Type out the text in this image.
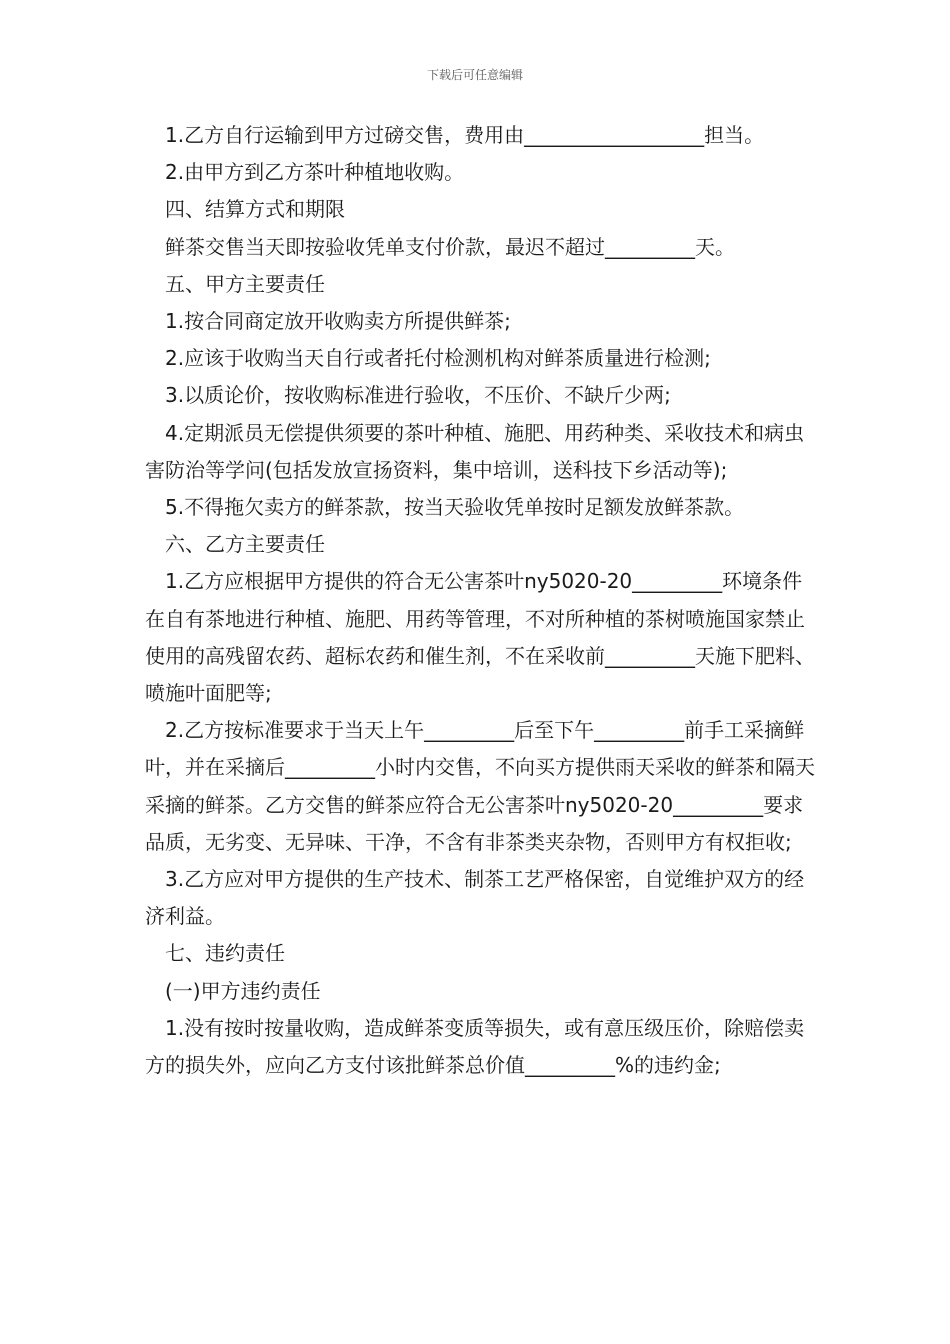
下载后可任意编辑

1.乙方自行运输到甲方过磅交售，费用由__________________担当。

2.由甲方到乙方茶叶种植地收购。

四、结算方式和期限

鲜茶交售当天即按验收凭单支付价款，最迟不超过_________天。

五、甲方主要责任

1.按合同商定放开收购卖方所提供鲜茶;

2.应该于收购当天自行或者托付检测机构对鲜茶质量进行检测;

3.以质论价，按收购标准进行验收，不压价、不缺斤少两;

4.定期派员无偿提供须要的茶叶种植、施肥、用药种类、采收技术和病虫害防治等学问(包括发放宣扬资料，集中培训，送科技下乡活动等);

5.不得拖欠卖方的鲜茶款，按当天验收凭单按时足额发放鲜茶款。

六、乙方主要责任

1.乙方应根据甲方提供的符合无公害茶叶ny5020-20_________环境条件在自有茶地进行种植、施肥、用药等管理，不对所种植的茶树喷施国家禁止使用的高残留农药、超标农药和催生剂，不在采收前_________天施下肥料、喷施叶面肥等;

2.乙方按标准要求于当天上午_________后至下午_________前手工采摘鲜叶，并在采摘后_________小时内交售，不向买方提供雨天采收的鲜茶和隔天采摘的鲜茶。乙方交售的鲜茶应符合无公害茶叶ny5020-20_________要求品质，无劣变、无异味、干净，不含有非茶类夹杂物，否则甲方有权拒收;

3.乙方应对甲方提供的生产技术、制茶工艺严格保密，自觉维护双方的经济利益。

七、违约责任

(一)甲方违约责任

1.没有按时按量收购，造成鲜茶变质等损失，或有意压级压价，除赔偿卖方的损失外，应向乙方支付该批鲜茶总价值_________%的违约金;
